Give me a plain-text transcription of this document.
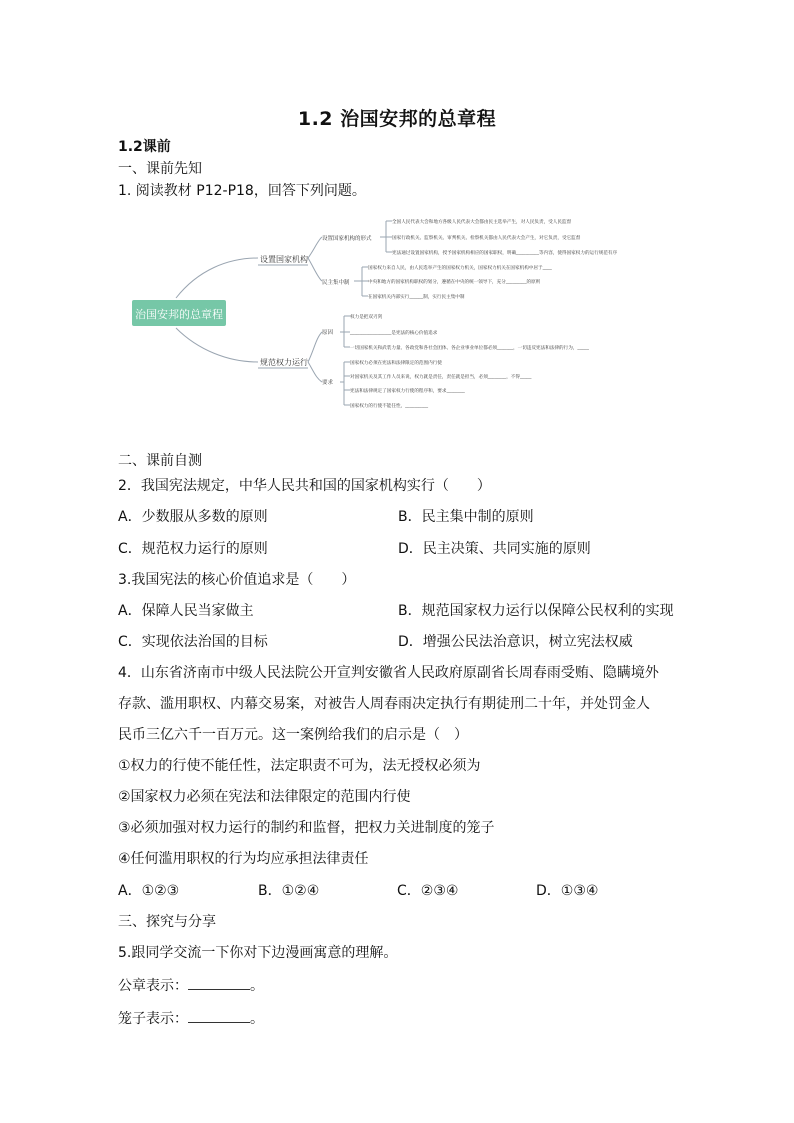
1.2 治国安邦的总章程
1.2课前
一、课前先知
1. 阅读教材 P12-P18，回答下列问题。
治国安邦的总章程
设置国家机构
设置国家机构的形式
民主集中制
全国人民代表大会和地方各级人民代表大会都由民主选举产生，对人民负责，受人民监督
国家行政机关、监察机关、审判机关、检察机关都由人民代表大会产生，对它负责，受它监督
宪法通过设置国家机构，授予国家机构相应的国家职权，明确__________等内容，使得国家权力的运行规范有序
国家权力来自人民，由人民选举产生的国家权力机关，国家权力机关在国家机构中居于____
中央和地方的国家机构职权的划分，遵循在中央的统一领导下，充分_________的原则
在国家机关内部实行______制，实行民主集中制
规范权力运行
原因
要求
权力是把双刃剑
__________________是宪法的核心价值追求
一切国家机关和武装力量、各政党和各社会团体、各企业事业单位都必须_______，一切违反宪法和法律的行为，_____
国家权力必须在宪法和法律限定的范围内行使
对国家机关及其工作人员来说，权力就是责任，责任就是担当，必须________，不得_____
宪法和法律规定了国家权力行使的程序和，要求________
国家权力的行使不能任性，__________
二、课前自测
2．我国宪法规定，中华人民共和国的国家机构实行（　　）
A．少数服从多数的原则	B．民主集中制的原则
C．规范权力运行的原则	D．民主决策、共同实施的原则
3.我国宪法的核心价值追求是（　　）
A．保障人民当家做主	B．规范国家权力运行以保障公民权利的实现
C．实现依法治国的目标	D．增强公民法治意识，树立宪法权威
4．山东省济南市中级人民法院公开宣判安徽省人民政府原副省长周春雨受贿、隐瞒境外
存款、滥用职权、内幕交易案，对被告人周春雨决定执行有期徒刑二十年，并处罚金人
民币三亿六千一百万元。这一案例给我们的启示是（　）
①权力的行使不能任性，法定职责不可为，法无授权必须为
②国家权力必须在宪法和法律限定的范围内行使
③必须加强对权力运行的制约和监督，把权力关进制度的笼子
④任何滥用职权的行为均应承担法律责任
A．①②③	B．①②④	C．②③④	D．①③④
三、探究与分享
5.跟同学交流一下你对下边漫画寓意的理解。
公章表示：	。
笼子表示：	。
